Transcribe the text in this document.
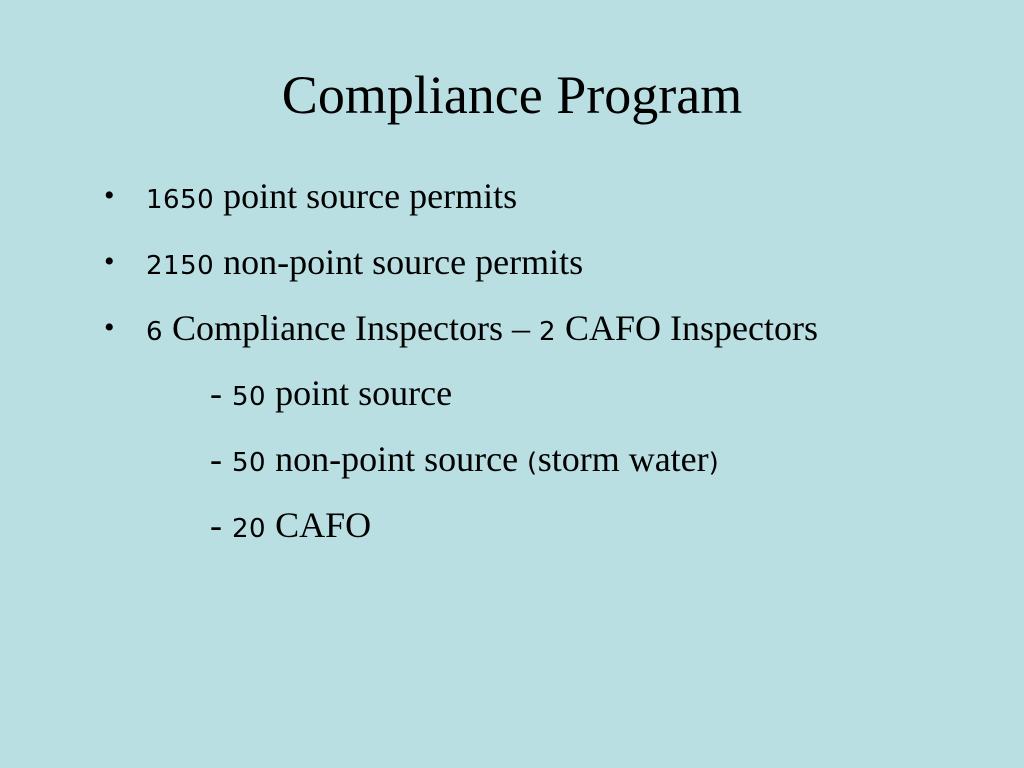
Compliance Program
• 1650 point source permits
• 2150 non-point source permits
• 6 Compliance Inspectors – 2 CAFO Inspectors
- 50 point source
- 50 non-point source (storm water)
- 20 CAFO
